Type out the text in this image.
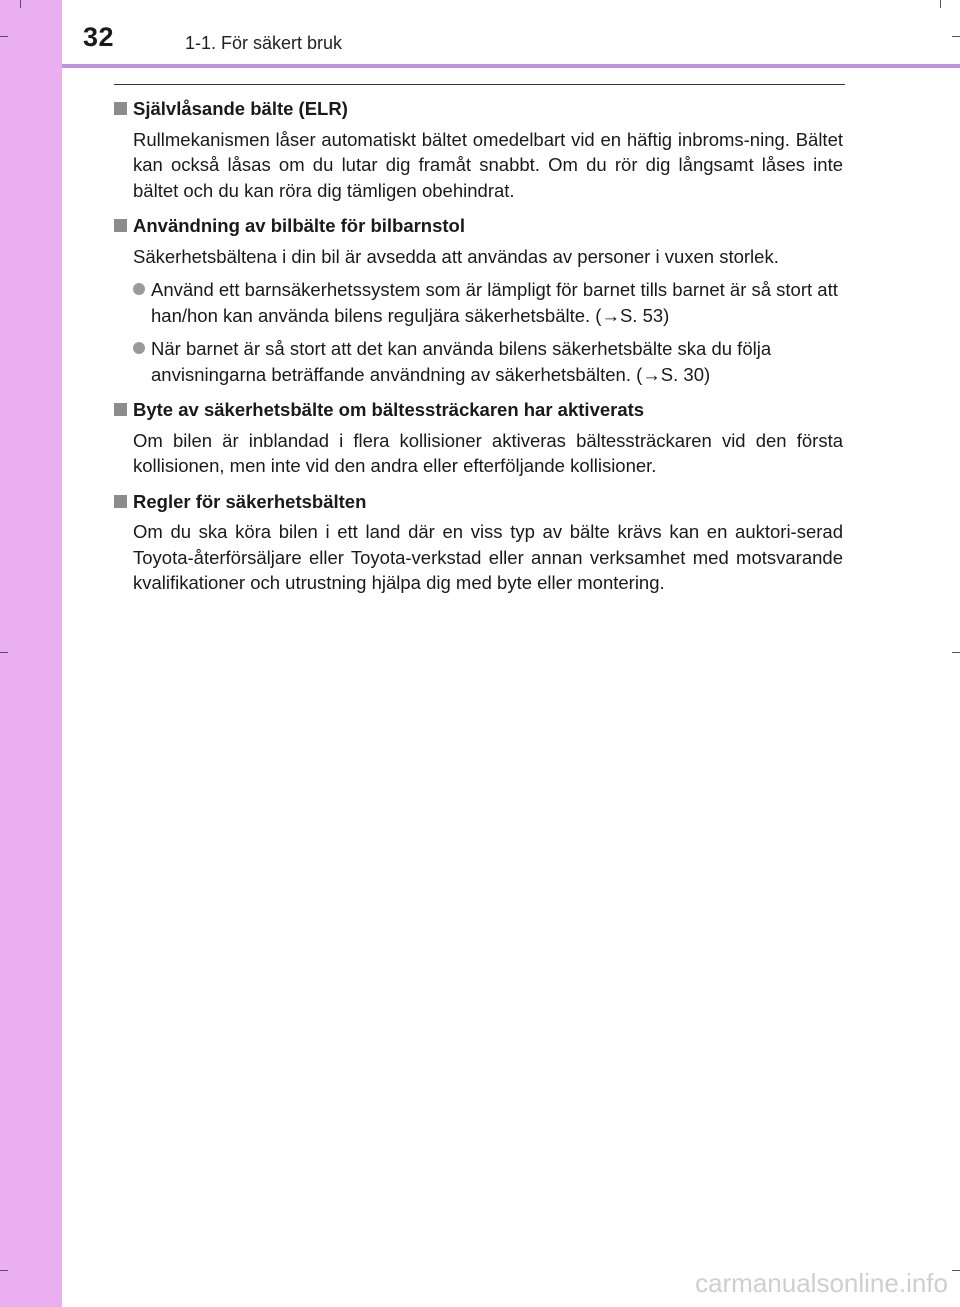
32	1-1. För säkert bruk
Självlåsande bälte (ELR)
Rullmekanismen låser automatiskt bältet omedelbart vid en häftig inbroms-ning. Bältet kan också låsas om du lutar dig framåt snabbt. Om du rör dig långsamt låses inte bältet och du kan röra dig tämligen obehindrat.
Användning av bilbälte för bilbarnstol
Säkerhetsbältena i din bil är avsedda att användas av personer i vuxen storlek.
Använd ett barnsäkerhetssystem som är lämpligt för barnet tills barnet är så stort att han/hon kan använda bilens reguljära säkerhetsbälte. (→S. 53)
När barnet är så stort att det kan använda bilens säkerhetsbälte ska du följa anvisningarna beträffande användning av säkerhetsbälten. (→S. 30)
Byte av säkerhetsbälte om bältessträckaren har aktiverats
Om bilen är inblandad i flera kollisioner aktiveras bältessträckaren vid den första kollisionen, men inte vid den andra eller efterföljande kollisioner.
Regler för säkerhetsbälten
Om du ska köra bilen i ett land där en viss typ av bälte krävs kan en auktori-serad Toyota-återförsäljare eller Toyota-verkstad eller annan verksamhet med motsvarande kvalifikationer och utrustning hjälpa dig med byte eller montering.
carmanualsonline.info
